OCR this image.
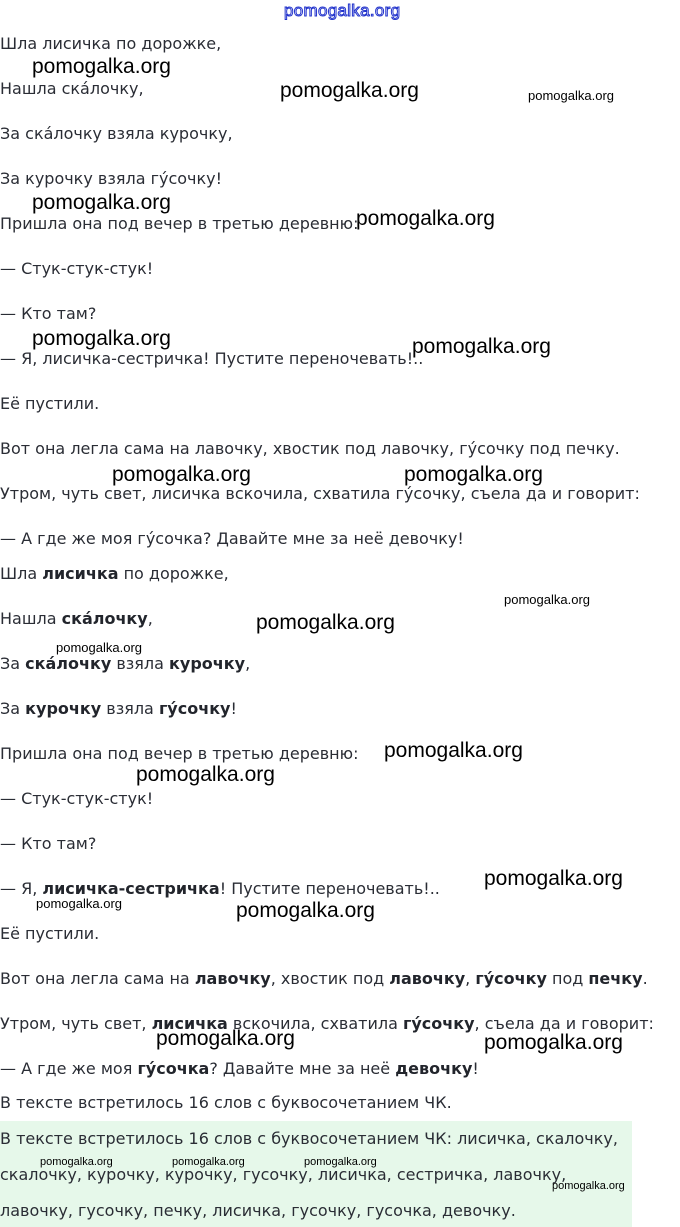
pomogalka.org
Шла лисичка по дорожке,
Нашла ска́лочку,
За ска́лочку взяла курочку,
За курочку взяла гу́сочку!
Пришла она под вечер в третью деревню:
— Стук-стук-стук!
— Кто там?
— Я, лисичка-сестричка! Пустите переночевать!..
Её пустили.
Вот она легла сама на лавочку, хвостик под лавочку, гу́сочку под печку.
Утром, чуть свет, лисичка вскочила, схватила гу́сочку, съела да и говорит:
— А где же моя гу́сочка? Давайте мне за неё девочку!
Шла лисичка по дорожке,
Нашла ска́лочку,
За ска́лочку взяла курочку,
За курочку взяла гу́сочку!
Пришла она под вечер в третью деревню:
— Стук-стук-стук!
— Кто там?
— Я, лисичка-сестричка! Пустите переночевать!..
Её пустили.
Вот она легла сама на лавочку, хвостик под лавочку, гу́сочку под печку.
Утром, чуть свет, лисичка вскочила, схватила гу́сочку, съела да и говорит:
— А где же моя гу́сочка? Давайте мне за неё девочку!
В тексте встретилось 16 слов с буквосочетанием ЧК.
В тексте встретилось 16 слов с буквосочетанием ЧК: лисичка, скалочку,
скалочку, курочку, курочку, гусочку, лисичка, сестричка, лавочку,
лавочку, гусочку, печку, лисичка, гусочку, гусочка, девочку.
pomogalka.org
pomogalka.org	pomogalka.org
pomogalka.org
pomogalka.org
pomogalka.org	pomogalka.org
pomogalka.org	pomogalka.org
pomogalka.org
pomogalka.org
pomogalka.org
pomogalka.org
pomogalka.org
pomogalka.org
pomogalka.org	pomogalka.org
pomogalka.org	pomogalka.org
pomogalka.org	pomogalka.org	pomogalka.org
pomogalka.org
